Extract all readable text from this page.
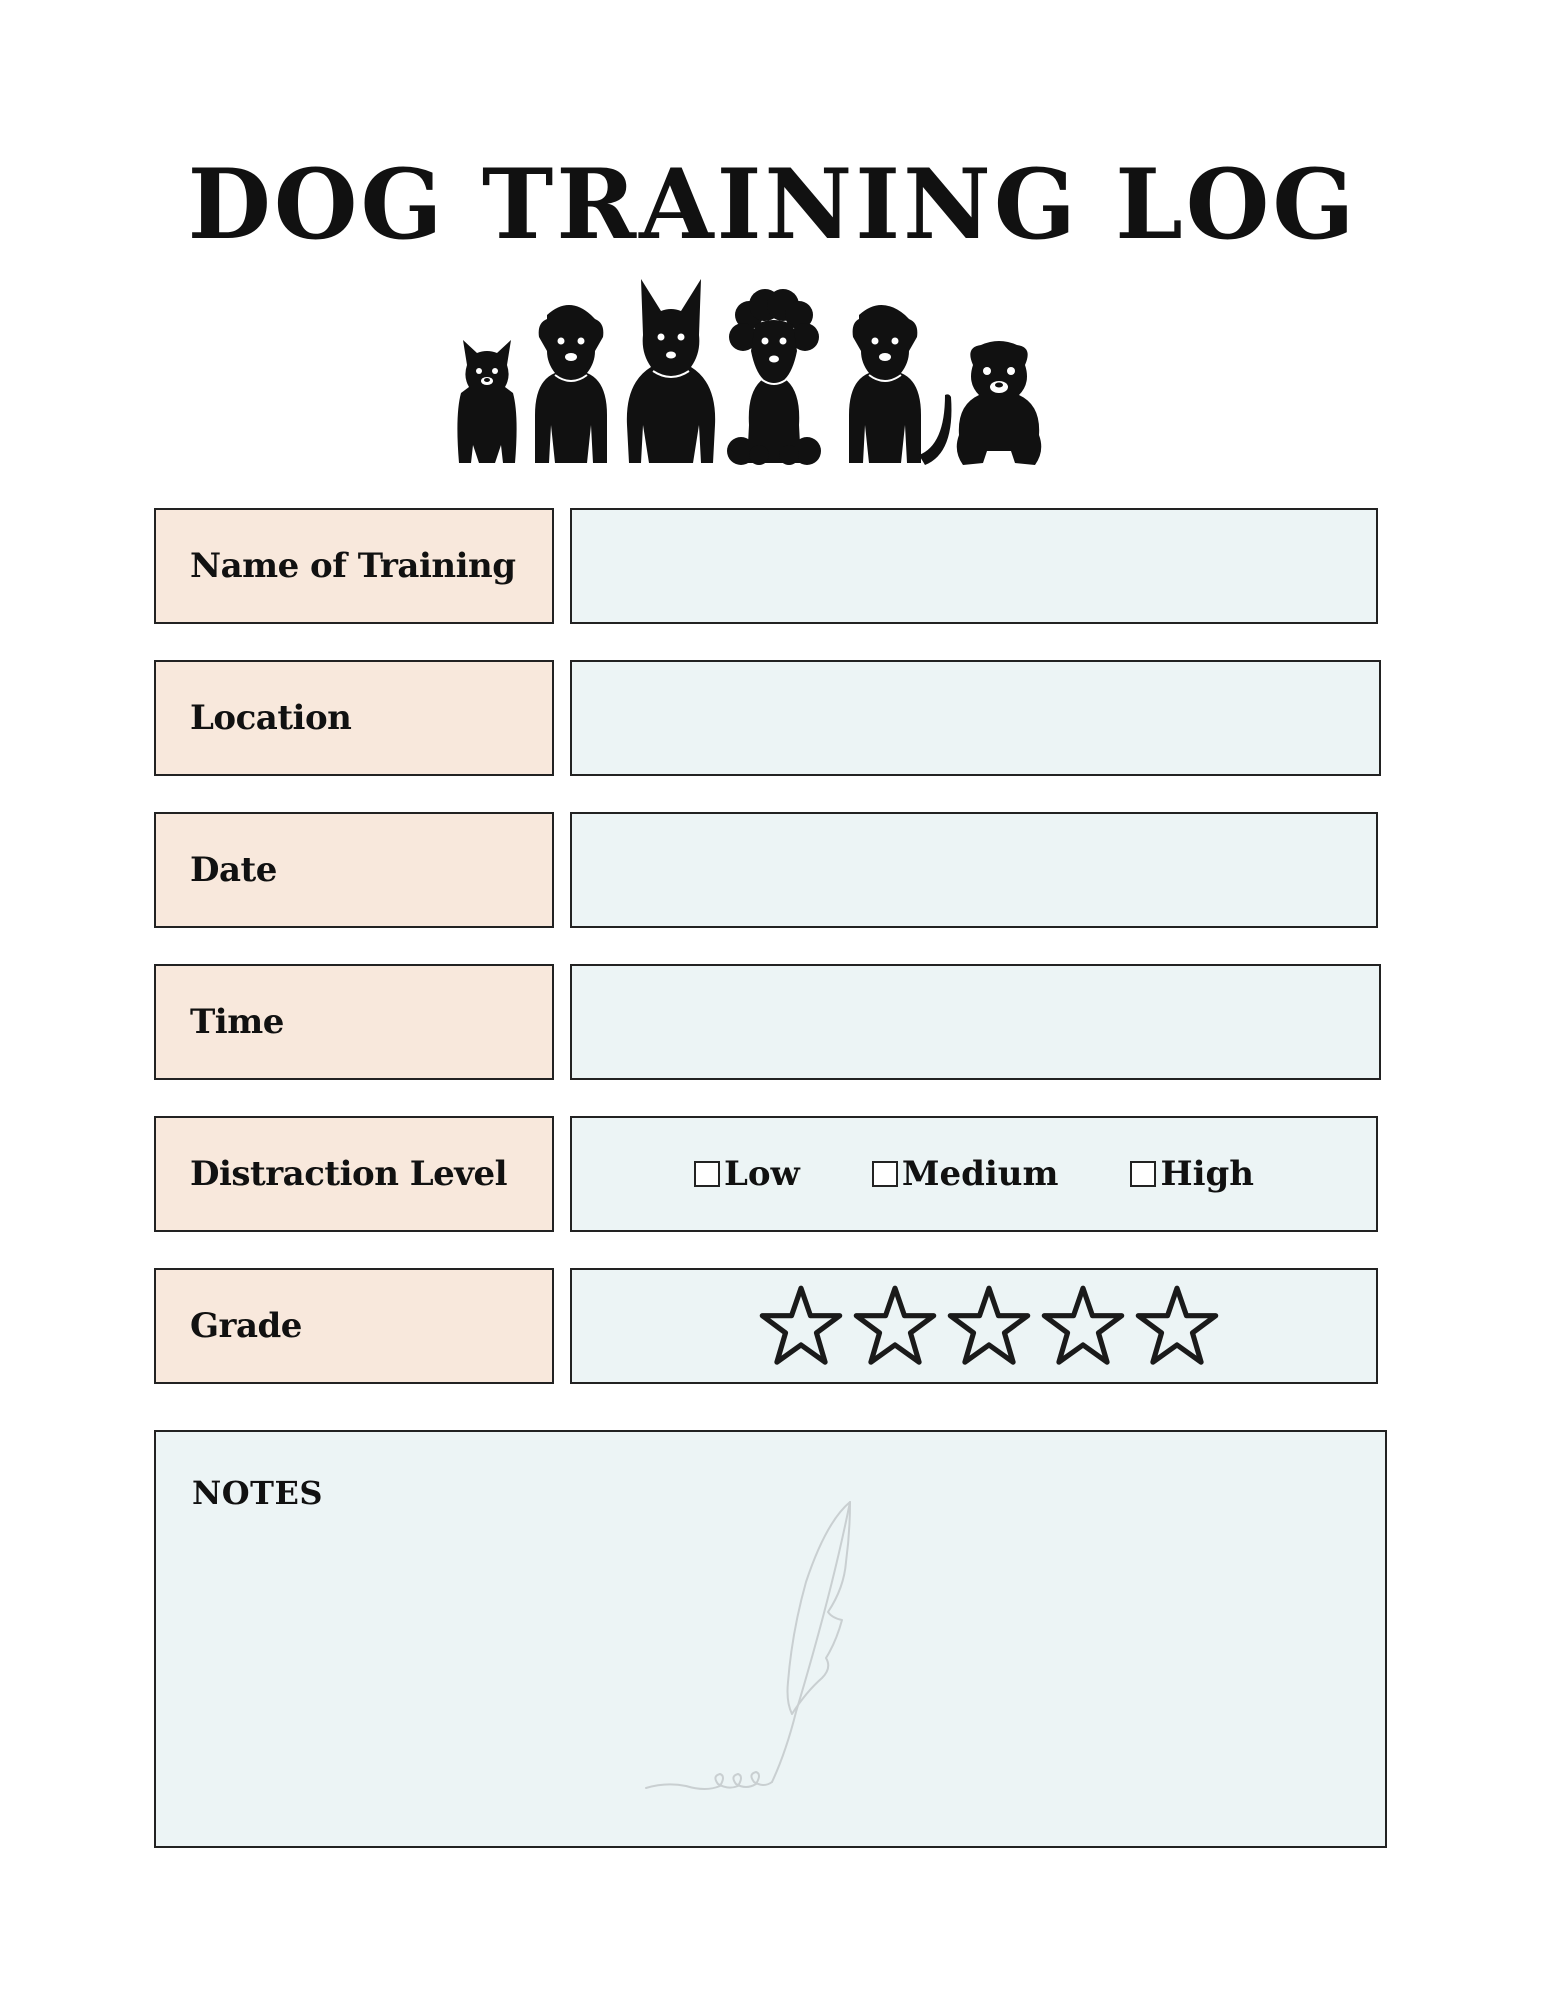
DOG TRAINING LOG
Name of Training
Location
Date
Time
Distraction Level	Low	Medium	High
Grade
NOTES
